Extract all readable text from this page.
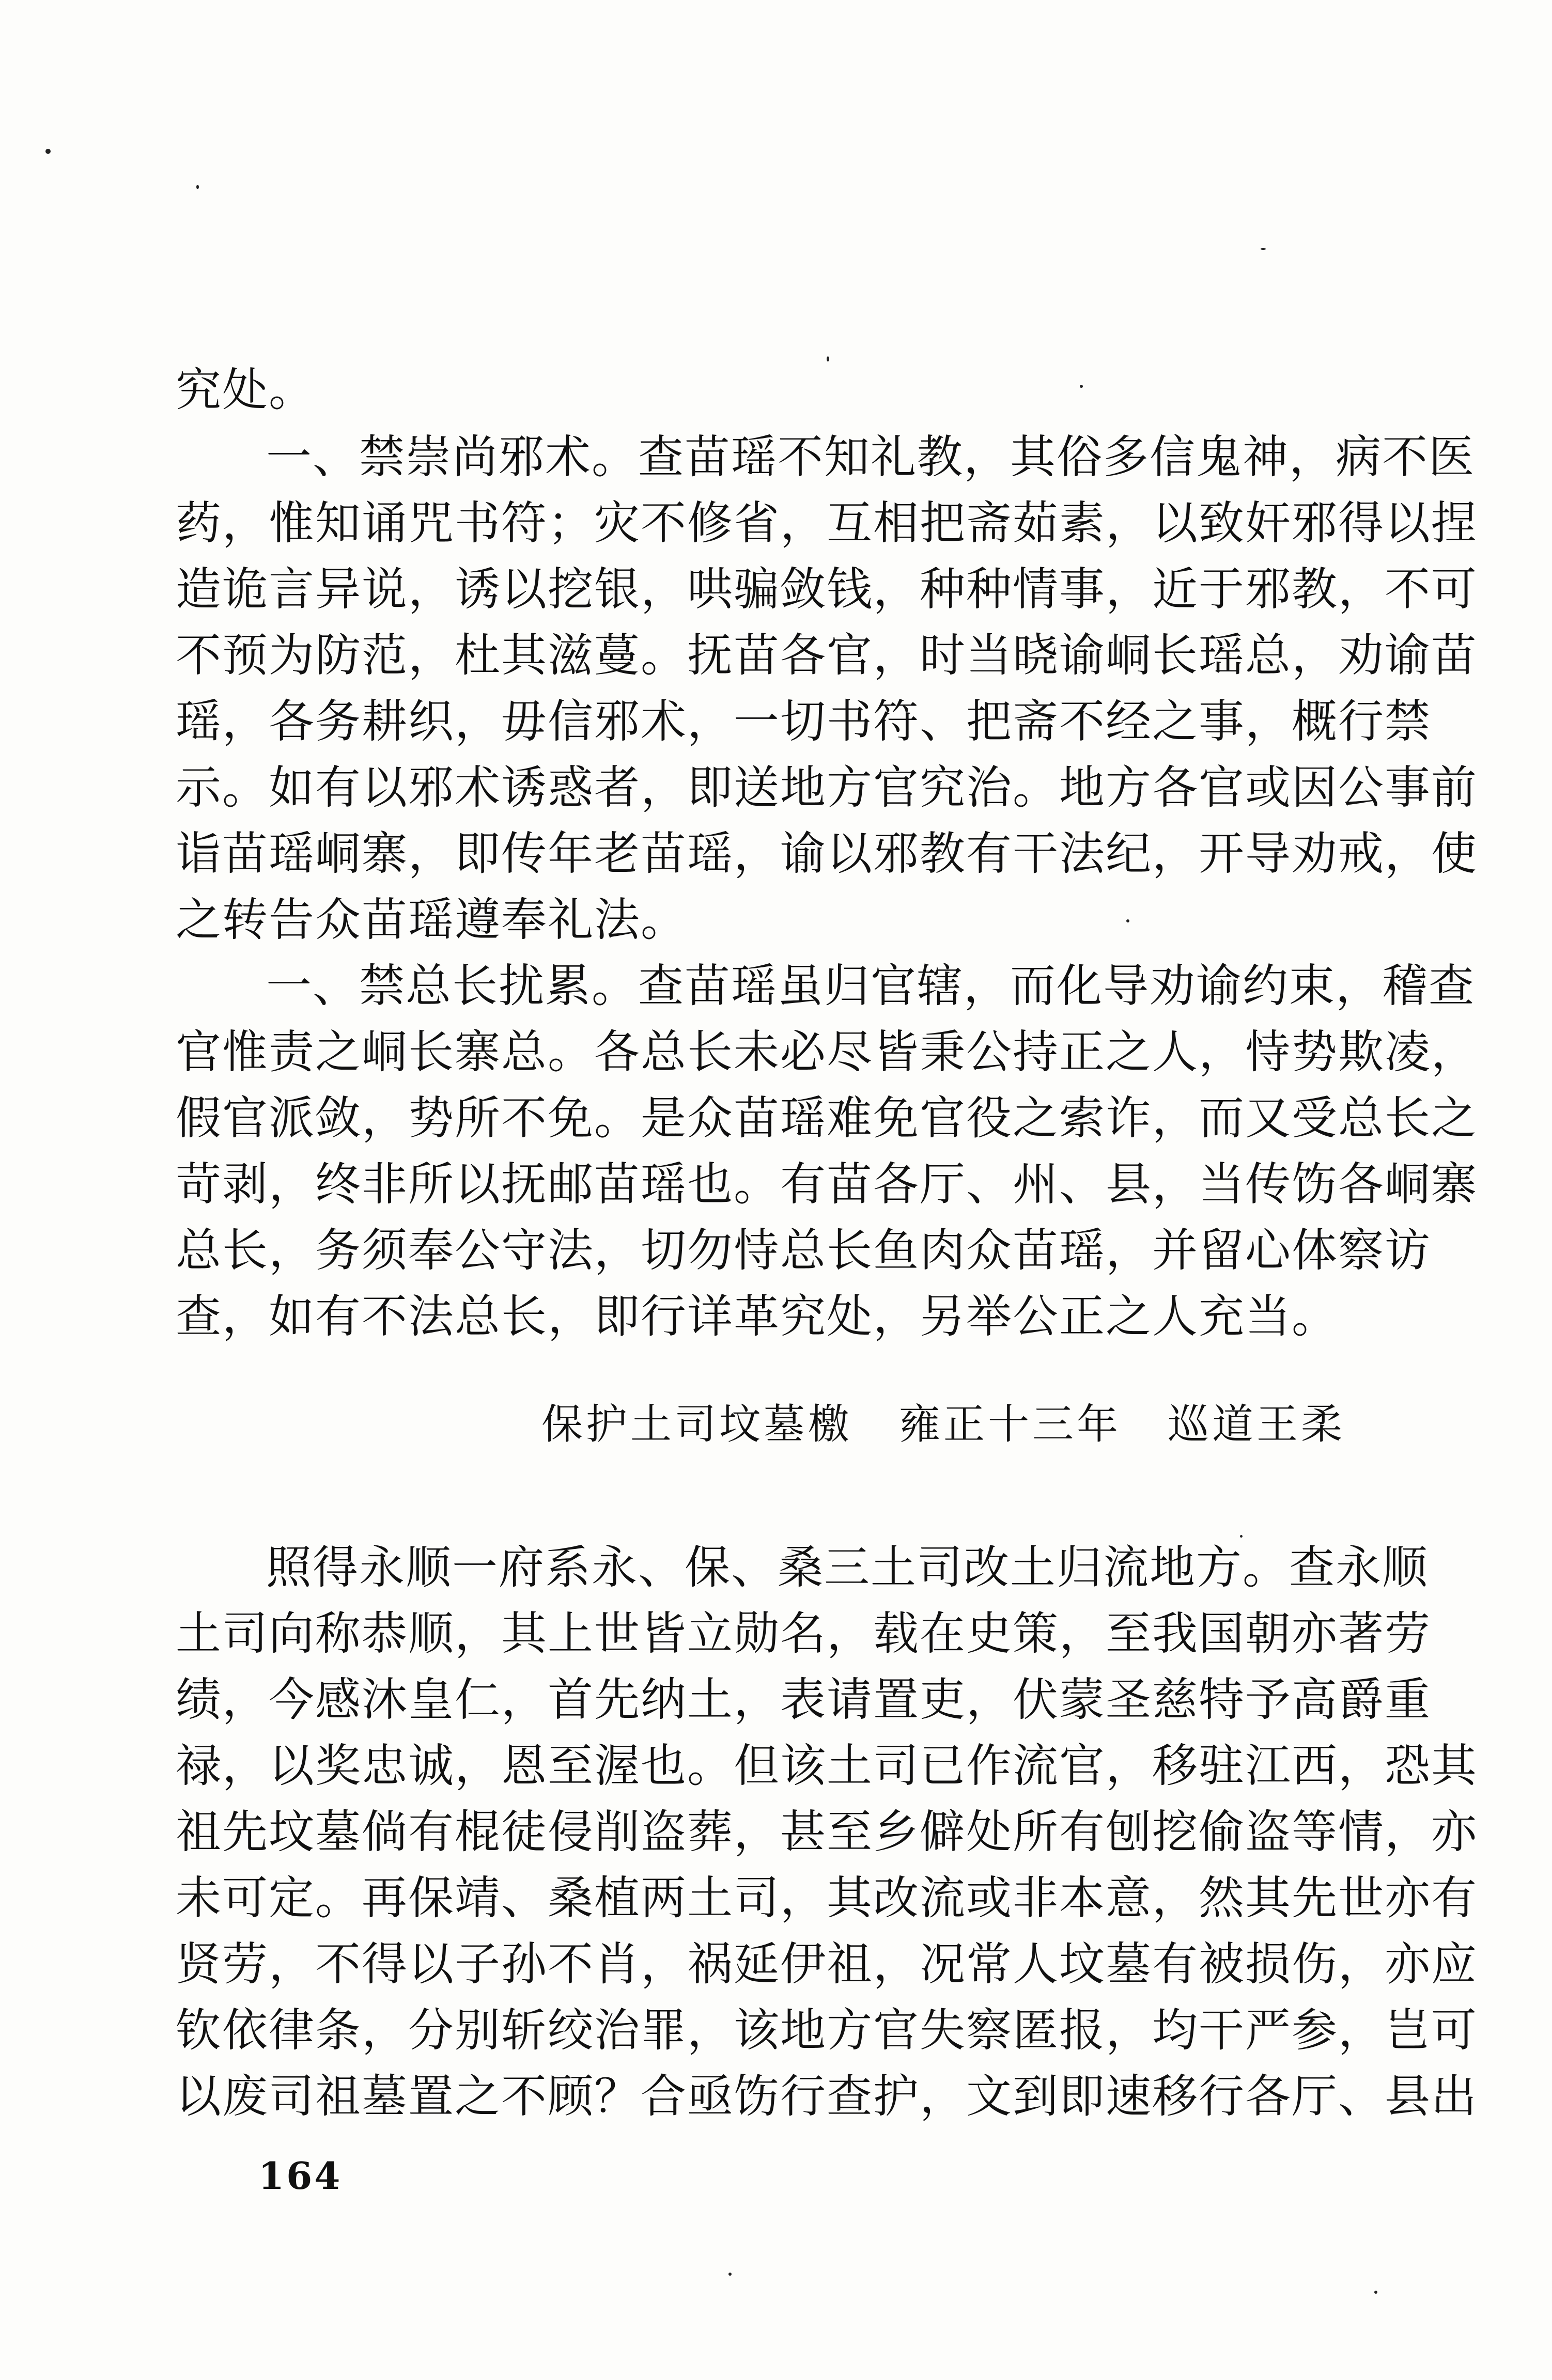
究处。
一、禁崇尚邪术。查苗瑶不知礼教，其俗多信鬼神，病不医
药，惟知诵咒书符；灾不修省，互相把斋茹素，以致奸邪得以捏
造诡言异说，诱以挖银，哄骗敛钱，种种情事，近于邪教，不可
不预为防范，杜其滋蔓。抚苗各官，时当晓谕峒长瑶总，劝谕苗
瑶，各务耕织，毋信邪术，一切书符、把斋不经之事，概行禁
示。如有以邪术诱惑者，即送地方官究治。地方各官或因公事前
诣苗瑶峒寨，即传年老苗瑶，谕以邪教有干法纪，开导劝戒，使
之转告众苗瑶遵奉礼法。
一、禁总长扰累。查苗瑶虽归官辖，而化导劝谕约束，稽查
官惟责之峒长寨总。各总长未必尽皆秉公持正之人，恃势欺凌，
假官派敛，势所不免。是众苗瑶难免官役之索诈，而又受总长之
苛剥，终非所以抚邮苗瑶也。有苗各厅、州、县，当传饬各峒寨
总长，务须奉公守法，切勿恃总长鱼肉众苗瑶，并留心体察访
查，如有不法总长，即行详革究处，另举公正之人充当。
保护土司坟墓檄 雍正十三年 巡道王柔
照得永顺一府系永、保、桑三土司改土归流地方。查永顺
土司向称恭顺，其上世皆立勋名，载在史策，至我国朝亦著劳
绩，今感沐皇仁，首先纳土，表请置吏，伏蒙圣慈特予高爵重
禄，以奖忠诚，恩至渥也。但该土司已作流官，移驻江西，恐其
祖先坟墓倘有棍徒侵削盗葬，甚至乡僻处所有刨挖偷盗等情，亦
未可定。再保靖、桑植两土司，其改流或非本意，然其先世亦有
贤劳，不得以子孙不肖，祸延伊祖，况常人坟墓有被损伤，亦应
钦依律条，分别斩绞治罪，该地方官失察匿报，均干严参，岂可
以废司祖墓置之不顾？合亟饬行查护，文到即速移行各厅、县出
164
